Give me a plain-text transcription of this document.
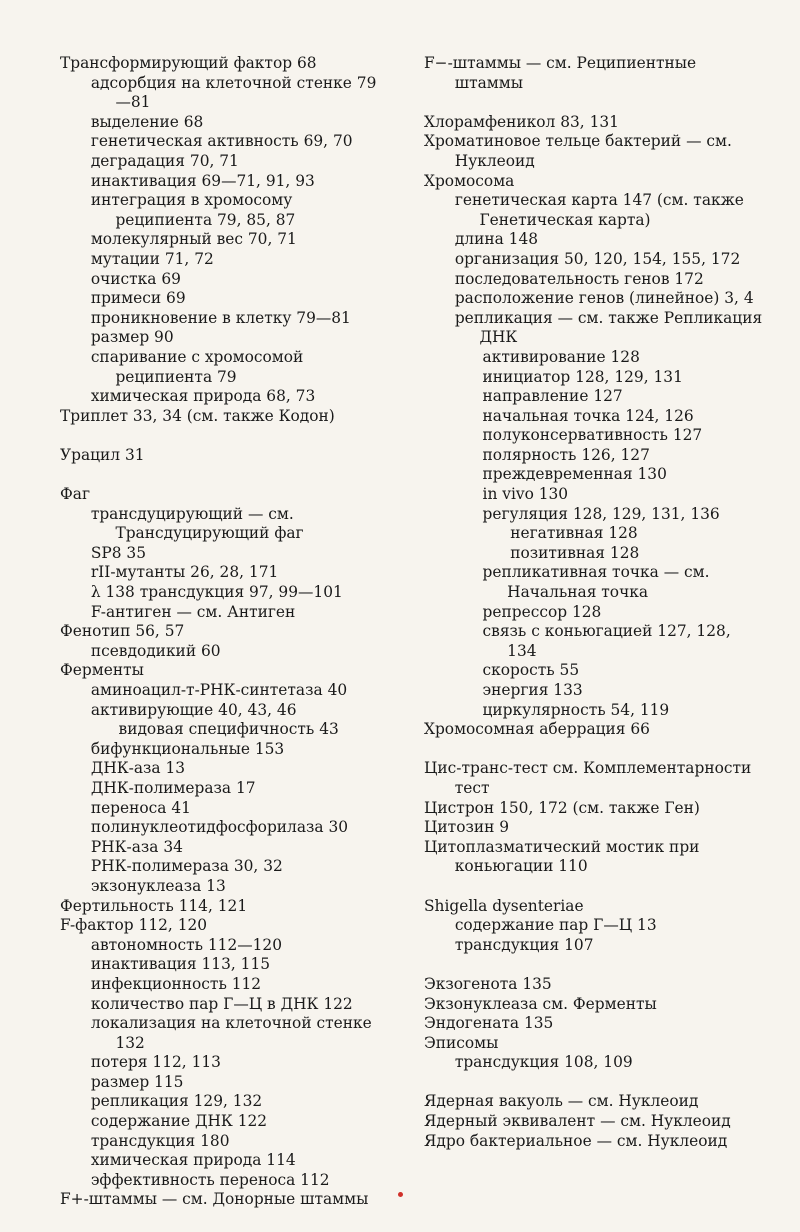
Трансформирующий фактор 68
адсорбция на клеточной стенке 79—81
выделение 68
генетическая активность 69, 70
деградация 70, 71
инактивация 69—71, 91, 93
интеграция в хромосому реципиента 79, 85, 87
молекулярный вес 70, 71
мутации 71, 72
очистка 69
примеси 69
проникновение в клетку 79—81
размер 90
спаривание с хромосомой реципиента 79
химическая природа 68, 73
Триплет 33, 34 (см. также Кодон)
Урацил 31
Фаг
трансдуцирующий — см. Трансдуцирующий фаг
SP8 35
rII-мутанты 26, 28, 171
λ 138 трансдукция 97, 99—101
F-антиген — см. Антиген
Фенотип 56, 57
псевдодикий 60
Ферменты
аминоацил-т-РНК-синтетаза 40
активирующие 40, 43, 46
видовая специфичность 43
бифункциональные 153
ДНК-аза 13
ДНК-полимераза 17
переноса 41
полинуклеотидфосфорилаза 30
РНК-аза 34
РНК-полимераза 30, 32
экзонуклеаза 13
Фертильность 114, 121
F-фактор 112, 120
автономность 112—120
инактивация 113, 115
инфекционность 112
количество пар Г—Ц в ДНК 122
локализация на клеточной стенке 132
потеря 112, 113
размер 115
репликация 129, 132
содержание ДНК 122
трансдукция 180
химическая природа 114
эффективность переноса 112
F+-штаммы — см. Донорные штаммы
F−-штаммы — см. Реципиентные штаммы
Хлорамфеникол 83, 131
Хроматиновое тельце бактерий — см. Нуклеоид
Хромосома
генетическая карта 147 (см. также Генетическая карта)
длина 148
организация 50, 120, 154, 155, 172
последовательность генов 172
расположение генов (линейное) 3, 4
репликация — см. также Репликация ДНК
активирование 128
инициатор 128, 129, 131
направление 127
начальная точка 124, 126
полуконсервативность 127
полярность 126, 127
преждевременная 130
in vivo 130
регуляция 128, 129, 131, 136
негативная 128
позитивная 128
репликативная точка — см. Начальная точка
репрессор 128
связь с коньюгацией 127, 128, 134
скорость 55
энергия 133
циркулярность 54, 119
Хромосомная аберрация 66
Цис-транс-тест см. Комплементарности тест
Цистрон 150, 172 (см. также Ген)
Цитозин 9
Цитоплазматический мостик при коньюгации 110
Shigella dysenteriae
содержание пар Г—Ц 13
трансдукция 107
Экзогенота 135
Экзонуклеаза см. Ферменты
Эндогената 135
Эписомы
трансдукция 108, 109
Ядерная вакуоль — см. Нуклеоид
Ядерный эквивалент — см. Нуклеоид
Ядро бактериальное — см. Нуклеоид
